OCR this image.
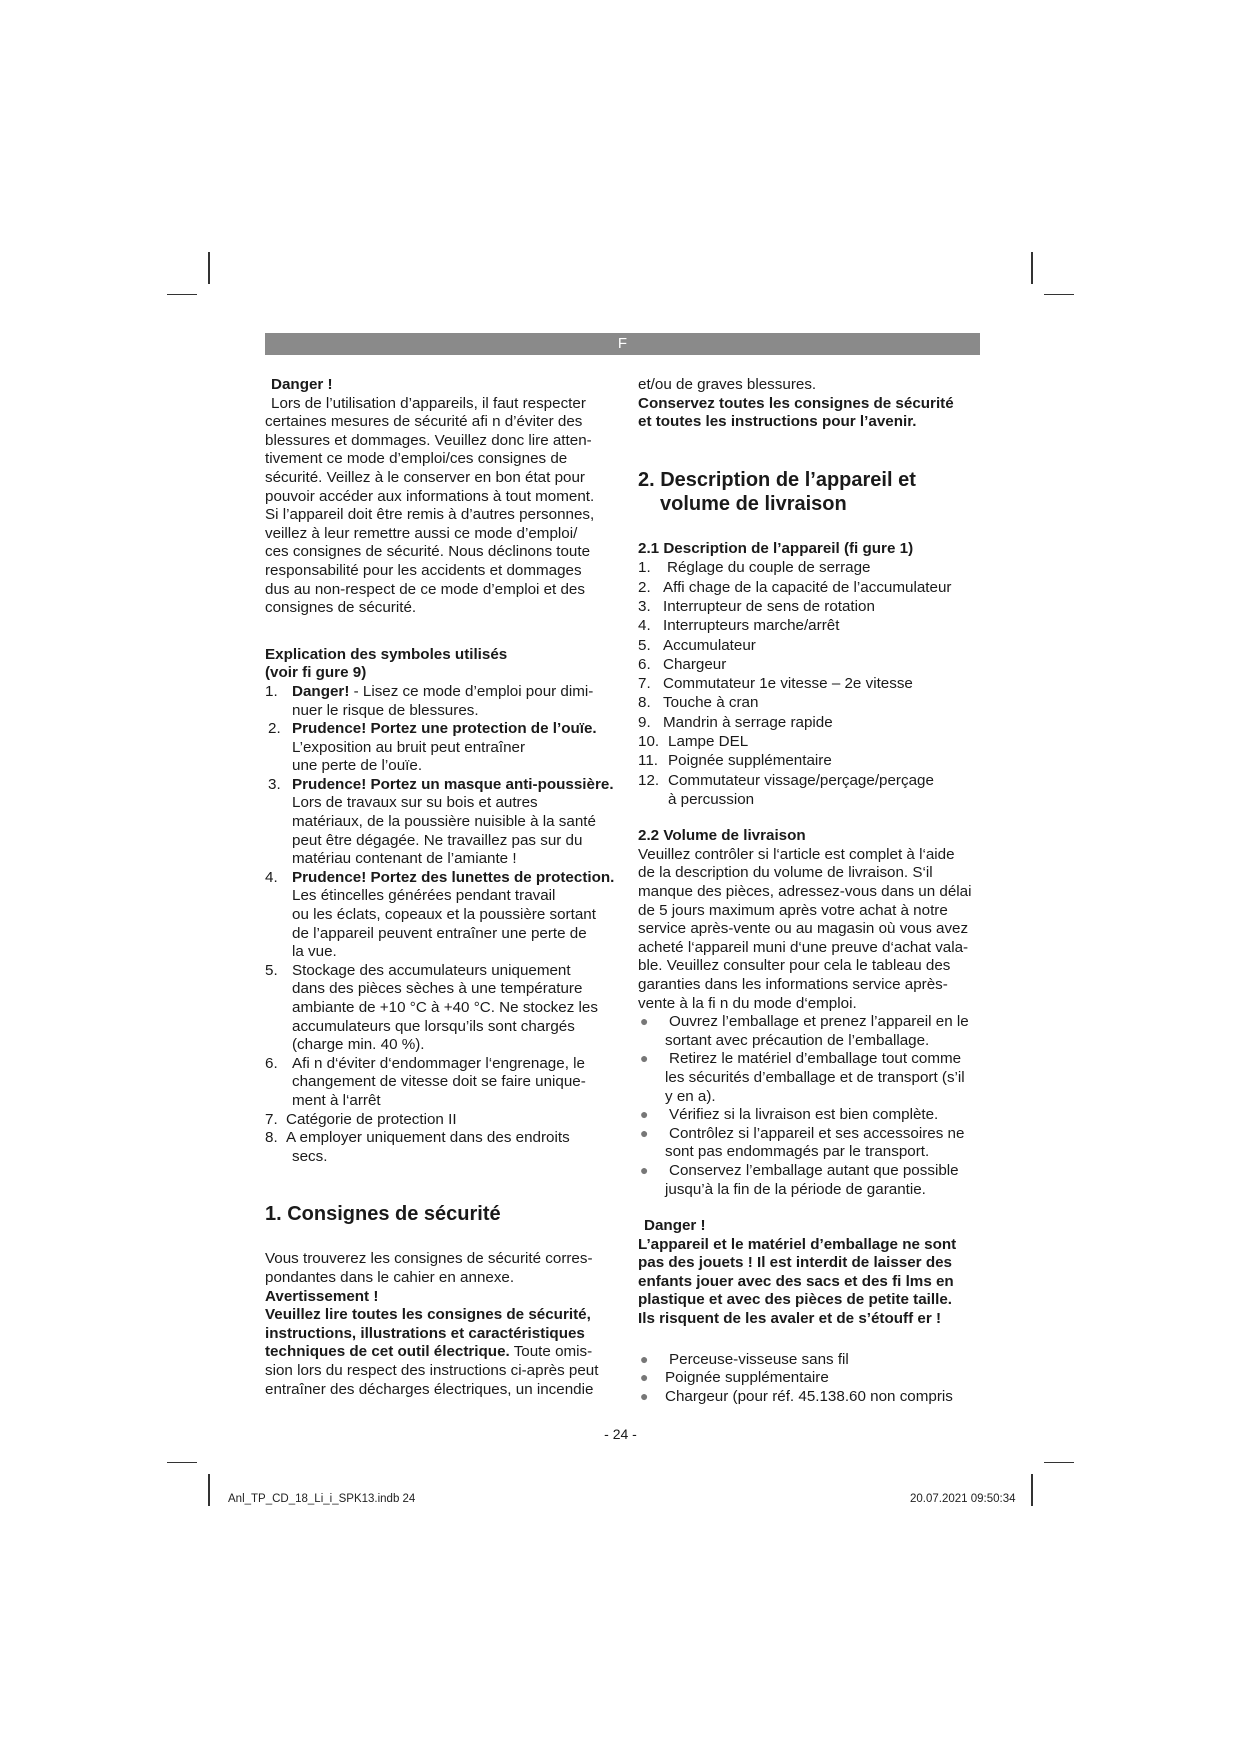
F

Danger !

Lors de l’utilisation d’appareils, il faut respecter

certaines mesures de sécurité afi n d’éviter des

blessures et dommages. Veuillez donc lire atten-

tivement ce mode d’emploi/ces consignes de

sécurité. Veillez à le conserver en bon état pour

pouvoir accéder aux informations à tout moment.

Si l’appareil doit être remis à d’autres personnes,

veillez à leur remettre aussi ce mode d’emploi/

ces consignes de sécurité. Nous déclinons toute

responsabilité pour les accidents et dommages

dus au non-respect de ce mode d’emploi et des

consignes de sécurité.

Explication des symboles utilisés
(voir fi gure 9)
1. Danger! - Lisez ce mode d’emploi pour dimi-
nuer le risque de blessures.
2. Prudence! Portez une protection de l’ouïe. L’exposition au bruit peut entraîner
une perte de l’ouïe.
3. Prudence! Portez un masque anti-poussière. Lors de travaux sur su bois et autres
matériaux, de la poussière nuisible à la santé
peut être dégagée. Ne travaillez pas sur du
matériau contenant de l’amiante !
4. Prudence! Portez des lunettes de protection. Les étincelles générées pendant travail
ou les éclats, copeaux et la poussière sortant
de l’appareil peuvent entraîner une perte de
la vue.
5. Stockage des accumulateurs uniquement
dans des pièces sèches à une température
ambiante de +10 °C à +40 °C. Ne stockez les
accumulateurs que lorsqu’ils sont chargés
(charge min. 40 %).
6. Afi n d‘éviter d‘endommager l‘engrenage, le
changement de vitesse doit se faire unique-
ment à l‘arrêt
7. Catégorie de protection II
8. A employer uniquement dans des endroits
secs.
1. Consignes de sécurité

Vous trouverez les consignes de sécurité corres-

pondantes dans le cahier en annexe.

Avertissement !

Veuillez lire toutes les consignes de sécurité,

instructions, illustrations et caractéristiques

techniques de cet outil électrique. Toute omis-

sion lors du respect des instructions ci-après peut

entraîner des décharges électriques, un incendie

et/ou de graves blessures.

Conservez toutes les consignes de sécurité

et toutes les instructions pour l’avenir.

2. Description de l’appareil et
volume de livraison
2.1 Description de l’appareil (fi gure 1)
1. Réglage du couple de serrage
2. Affi chage de la capacité de l’accumulateur
3. Interrupteur de sens de rotation
4. Interrupteurs marche/arrêt
5. Accumulateur
6. Chargeur
7. Commutateur 1e vitesse – 2e vitesse
8. Touche à cran
9. Mandrin à serrage rapide
10. Lampe DEL
11. Poignée supplémentaire
12. Commutateur vissage/perçage/perçage à percussion
2.2 Volume de livraison

Veuillez contrôler si l‘article est complet à l‘aide

de la description du volume de livraison. S‘il

manque des pièces, adressez-vous dans un délai

de 5 jours maximum après votre achat à notre

service après-vente ou au magasin où vous avez

acheté l‘appareil muni d‘une preuve d‘achat vala-

ble. Veuillez consulter pour cela le tableau des

garanties dans les informations service après-

vente à la fi n du mode d‘emploi.

● Ouvrez l’emballage et prenez l’appareil en le
sortant avec précaution de l’emballage.
● Retirez le matériel d’emballage tout comme
les sécurités d’emballage et de transport (s’il
y en a).
● Vérifiez si la livraison est bien complète.
● Contrôlez si l’appareil et ses accessoires ne
sont pas endommagés par le transport.
● Conservez l’emballage autant que possible
jusqu’à la fin de la période de garantie.

Danger !

L’appareil et le matériel d’emballage ne sont

pas des jouets ! Il est interdit de laisser des

enfants jouer avec des sacs et des fi lms en

plastique et avec des pièces de petite taille.

Ils risquent de les avaler et de s’étouff er !

● Perceuse-visseuse sans fil
● Poignée supplémentaire
● Chargeur (pour réf. 45.138.60 non compris
- 24 -
Anl_TP_CD_18_Li_i_SPK13.indb 24	20.07.2021 09:50:34
